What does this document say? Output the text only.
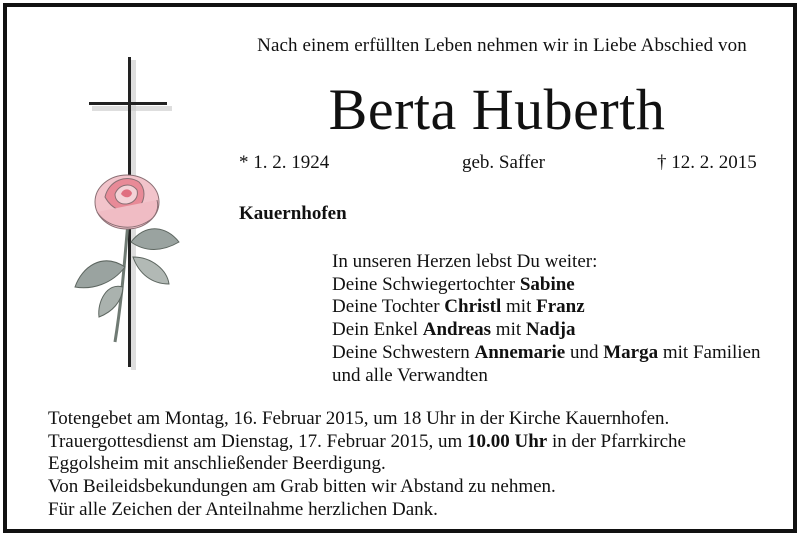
Nach einem erfüllten Leben nehmen wir in Liebe Abschied von
Berta Huberth
* 1. 2. 1924	geb. Saffer	† 12. 2. 2015
Kauernhofen
In unseren Herzen lebst Du weiter:
Deine Schwiegertochter Sabine
Deine Tochter Christl mit Franz
Dein Enkel Andreas mit Nadja
Deine Schwestern Annemarie und Marga mit Familien
und alle Verwandten
Totengebet am Montag, 16. Februar 2015, um 18 Uhr in der Kirche Kauernhofen.
Trauergottesdienst am Dienstag, 17. Februar 2015, um 10.00 Uhr in der Pfarrkirche
Eggolsheim mit anschließender Beerdigung.
Von Beileidsbekundungen am Grab bitten wir Abstand zu nehmen.
Für alle Zeichen der Anteilnahme herzlichen Dank.
